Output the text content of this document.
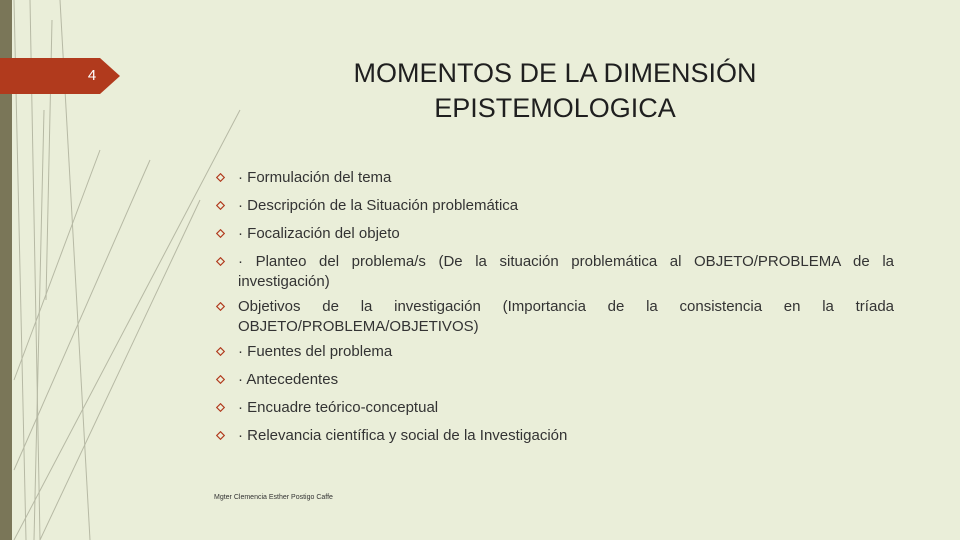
4	MOMENTOS DE LA DIMENSIÓN
EPISTEMOLOGICA
· Formulación del tema
· Descripción de la Situación problemática
· Focalización del objeto
· Planteo del problema/s (De la situación problemática al OBJETO/PROBLEMA de la investigación)
Objetivos de la investigación (Importancia de la consistencia en la tríada OBJETO/PROBLEMA/OBJETIVOS)
· Fuentes del problema
· Antecedentes
· Encuadre teórico-conceptual
· Relevancia científica y social de la Investigación
Mgter Clemencia Esther Postigo Caffe
